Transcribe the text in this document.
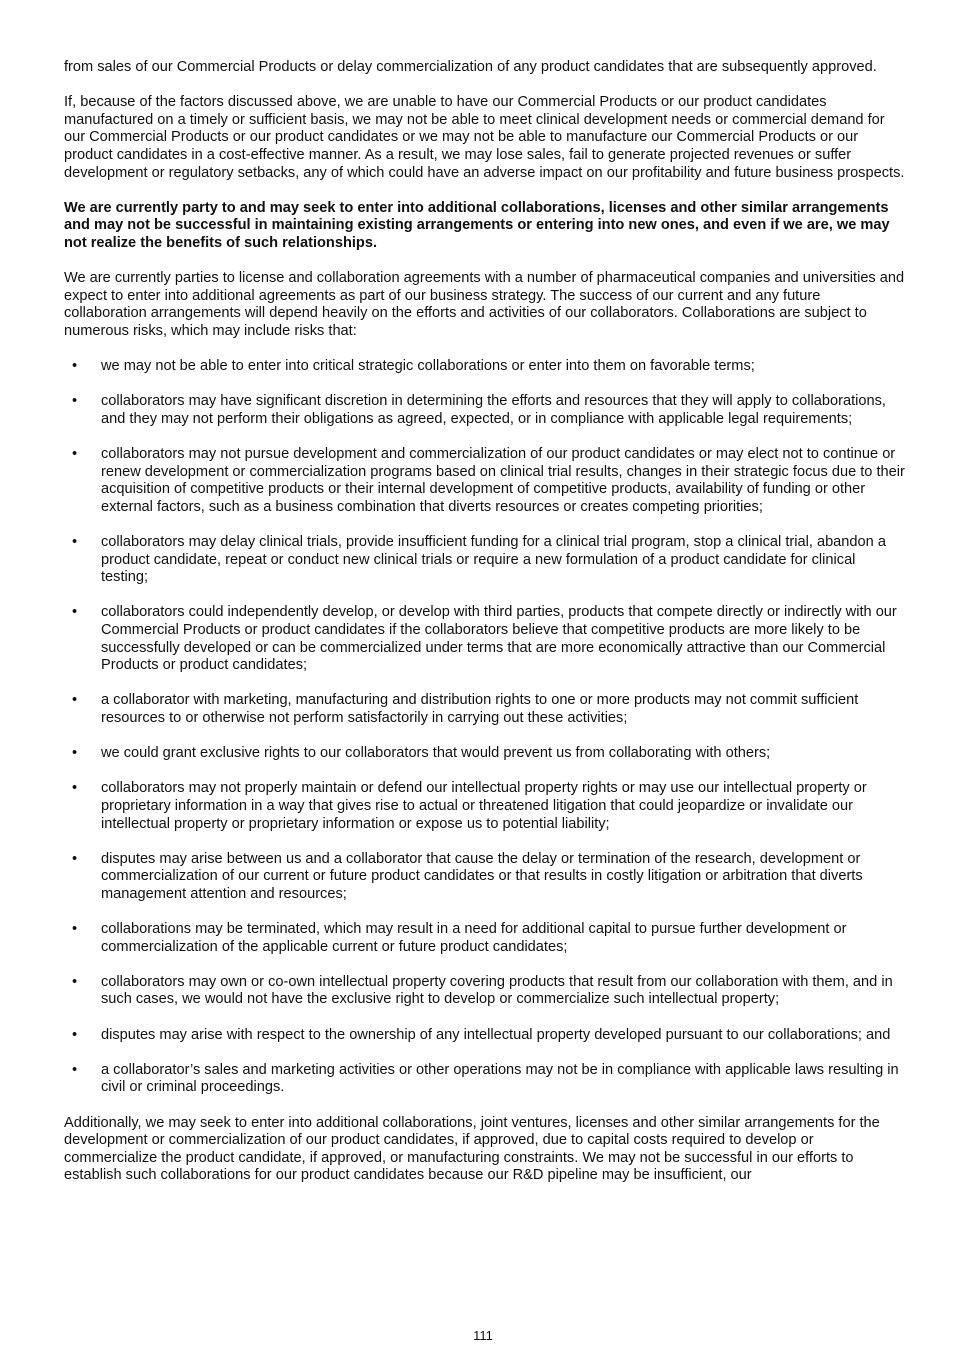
from sales of our Commercial Products or delay commercialization of any product candidates that are subsequently approved.

If, because of the factors discussed above, we are unable to have our Commercial Products or our product candidates manufactured on a timely or sufficient basis, we may not be able to meet clinical development needs or commercial demand for our Commercial Products or our product candidates or we may not be able to manufacture our Commercial Products or our product candidates in a cost-effective manner. As a result, we may lose sales, fail to generate projected revenues or suffer development or regulatory setbacks, any of which could have an adverse impact on our profitability and future business prospects.

We are currently party to and may seek to enter into additional collaborations, licenses and other similar arrangements and may not be successful in maintaining existing arrangements or entering into new ones, and even if we are, we may not realize the benefits of such relationships.

We are currently parties to license and collaboration agreements with a number of pharmaceutical companies and universities and expect to enter into additional agreements as part of our business strategy. The success of our current and any future collaboration arrangements will depend heavily on the efforts and activities of our collaborators. Collaborations are subject to numerous risks, which may include risks that:

• we may not be able to enter into critical strategic collaborations or enter into them on favorable terms;
• collaborators may have significant discretion in determining the efforts and resources that they will apply to collaborations, and they may not perform their obligations as agreed, expected, or in compliance with applicable legal requirements;
• collaborators may not pursue development and commercialization of our product candidates or may elect not to continue or renew development or commercialization programs based on clinical trial results, changes in their strategic focus due to their acquisition of competitive products or their internal development of competitive products, availability of funding or other external factors, such as a business combination that diverts resources or creates competing priorities;
• collaborators may delay clinical trials, provide insufficient funding for a clinical trial program, stop a clinical trial, abandon a product candidate, repeat or conduct new clinical trials or require a new formulation of a product candidate for clinical testing;
• collaborators could independently develop, or develop with third parties, products that compete directly or indirectly with our Commercial Products or product candidates if the collaborators believe that competitive products are more likely to be successfully developed or can be commercialized under terms that are more economically attractive than our Commercial Products or product candidates;
• a collaborator with marketing, manufacturing and distribution rights to one or more products may not commit sufficient resources to or otherwise not perform satisfactorily in carrying out these activities;
• we could grant exclusive rights to our collaborators that would prevent us from collaborating with others;
• collaborators may not properly maintain or defend our intellectual property rights or may use our intellectual property or proprietary information in a way that gives rise to actual or threatened litigation that could jeopardize or invalidate our intellectual property or proprietary information or expose us to potential liability;
• disputes may arise between us and a collaborator that cause the delay or termination of the research, development or commercialization of our current or future product candidates or that results in costly litigation or arbitration that diverts management attention and resources;
• collaborations may be terminated, which may result in a need for additional capital to pursue further development or commercialization of the applicable current or future product candidates;
• collaborators may own or co-own intellectual property covering products that result from our collaboration with them, and in such cases, we would not have the exclusive right to develop or commercialize such intellectual property;
• disputes may arise with respect to the ownership of any intellectual property developed pursuant to our collaborations; and
• a collaborator’s sales and marketing activities or other operations may not be in compliance with applicable laws resulting in civil or criminal proceedings.

Additionally, we may seek to enter into additional collaborations, joint ventures, licenses and other similar arrangements for the development or commercialization of our product candidates, if approved, due to capital costs required to develop or commercialize the product candidate, if approved, or manufacturing constraints. We may not be successful in our efforts to establish such collaborations for our product candidates because our R&D pipeline may be insufficient, our

111
